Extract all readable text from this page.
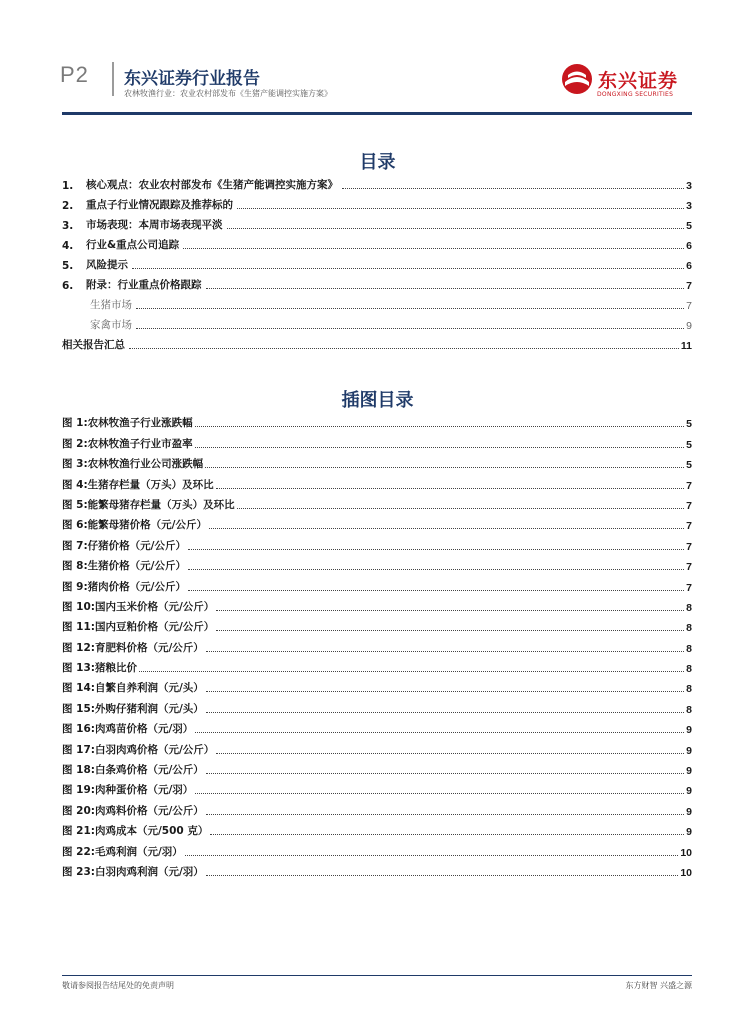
P2 东兴证券行业报告
农林牧渔行业：农业农村部发布《生猪产能调控实施方案》
东兴证券
DONGXING SECURITIES
目录
1.	核心观点：农业农村部发布《生猪产能调控实施方案》	3
2.	重点子行业情况跟踪及推荐标的	3
3.	市场表现：本周市场表现平淡	5
4.	行业&重点公司追踪	6
5.	风险提示	6
6.	附录：行业重点价格跟踪	7
生猪市场	7
家禽市场	9
相关报告汇总	11
插图目录
图 1:农林牧渔子行业涨跌幅	5
图 2:农林牧渔子行业市盈率	5
图 3:农林牧渔行业公司涨跌幅	5
图 4:生猪存栏量（万头）及环比	7
图 5:能繁母猪存栏量（万头）及环比	7
图 6:能繁母猪价格（元/公斤）	7
图 7:仔猪价格（元/公斤）	7
图 8:生猪价格（元/公斤）	7
图 9:猪肉价格（元/公斤）	7
图 10:国内玉米价格（元/公斤）	8
图 11:国内豆粕价格（元/公斤）	8
图 12:育肥料价格（元/公斤）	8
图 13:猪粮比价	8
图 14:自繁自养利润（元/头）	8
图 15:外购仔猪利润（元/头）	8
图 16:肉鸡苗价格（元/羽）	9
图 17:白羽肉鸡价格（元/公斤）	9
图 18:白条鸡价格（元/公斤）	9
图 19:肉种蛋价格（元/羽）	9
图 20:肉鸡料价格（元/公斤）	9
图 21:肉鸡成本（元/500 克）	9
图 22:毛鸡利润（元/羽）	10
图 23:白羽肉鸡利润（元/羽）	10
敬请参阅报告结尾处的免责声明	东方财智 兴盛之源
